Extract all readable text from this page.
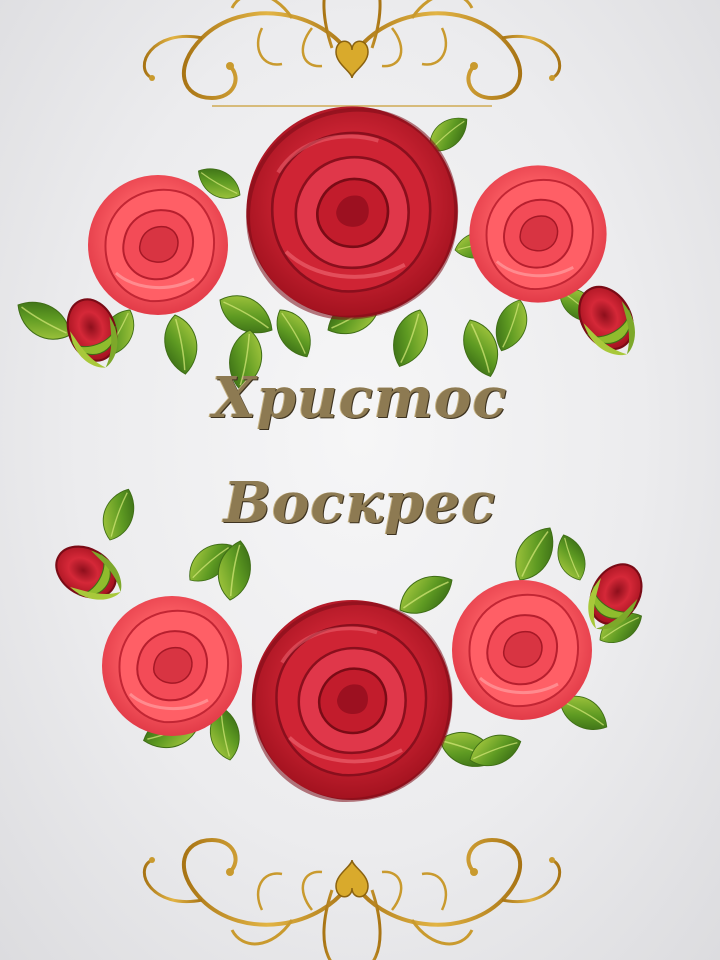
Христос
Воскрес
